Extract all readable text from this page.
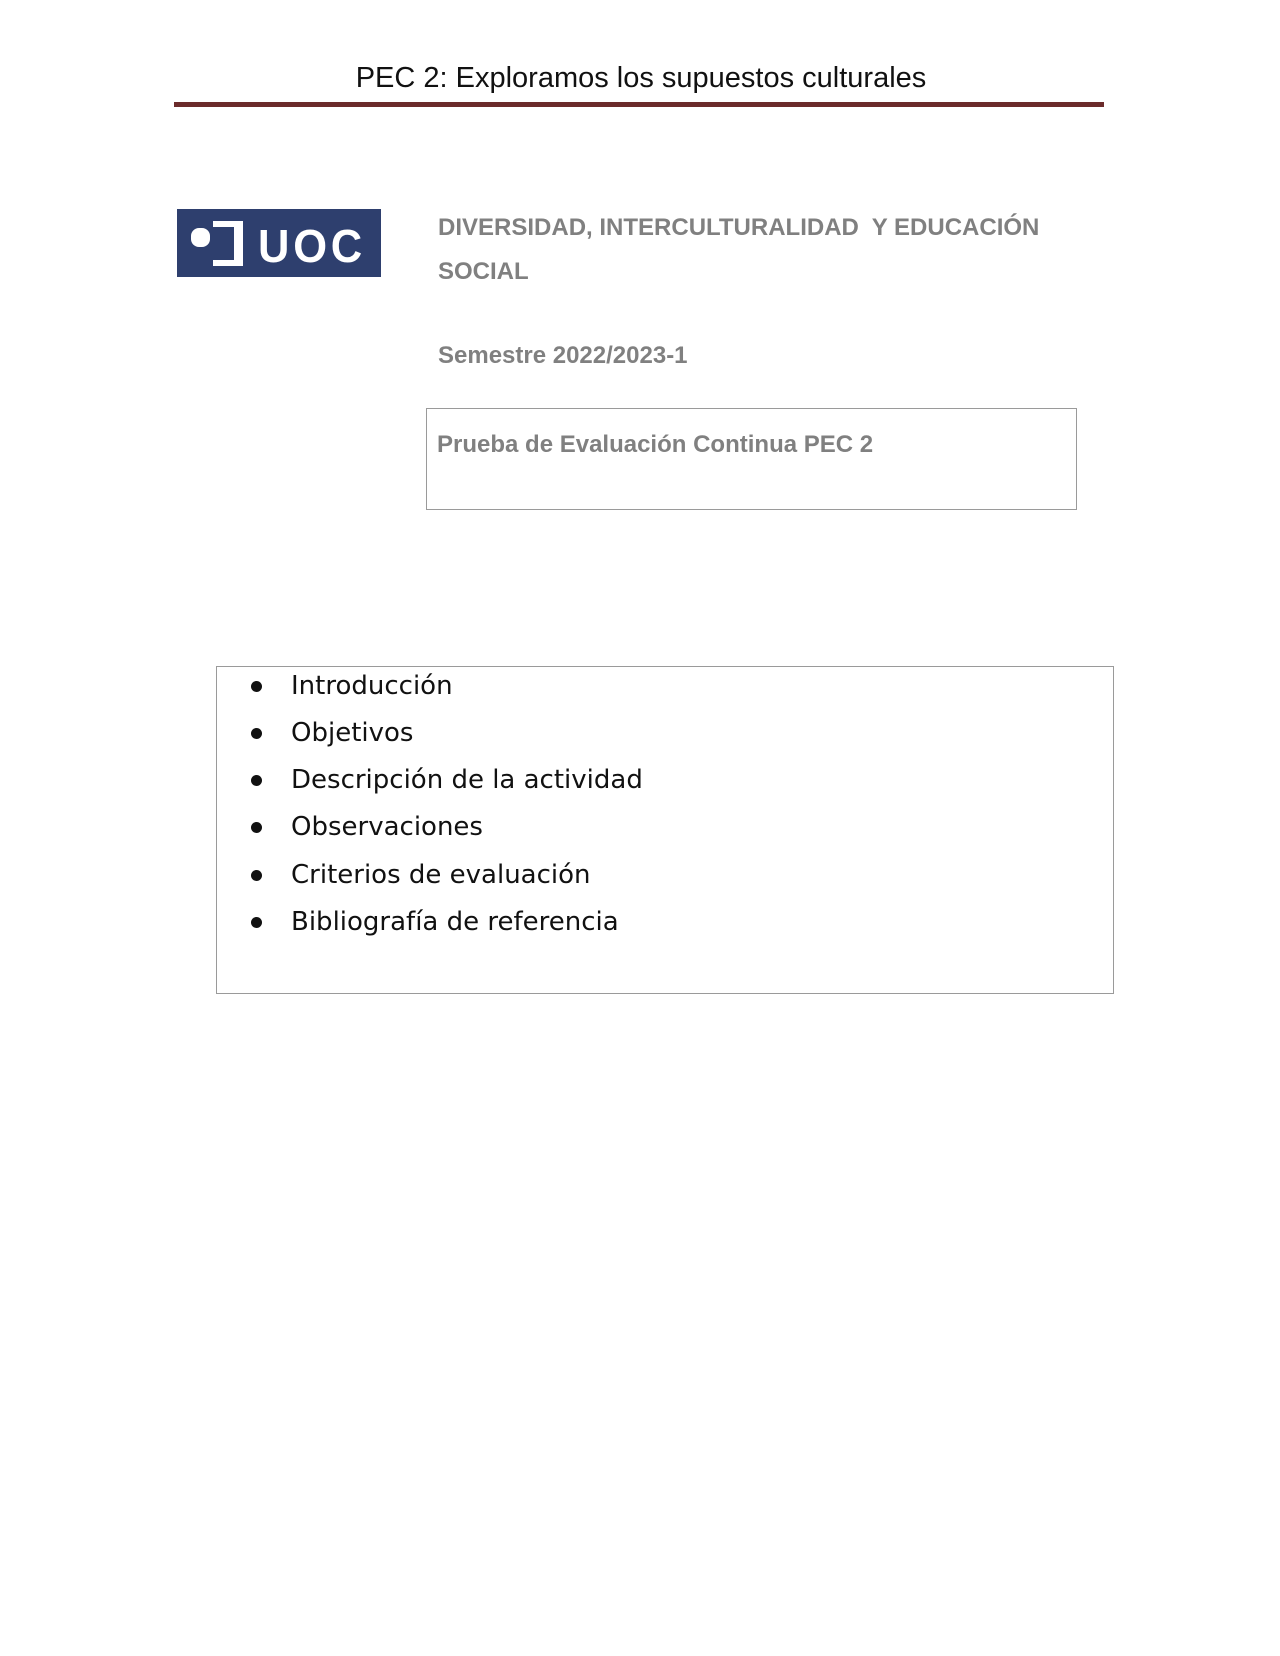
PEC 2: Exploramos los supuestos culturales
UOC	DIVERSIDAD, INTERCULTURALIDAD  Y EDUCACIÓN SOCIAL
Semestre 2022/2023-1
Prueba de Evaluación Continua PEC 2
Introducción
Objetivos
Descripción de la actividad
Observaciones
Criterios de evaluación
Bibliografía de referencia
